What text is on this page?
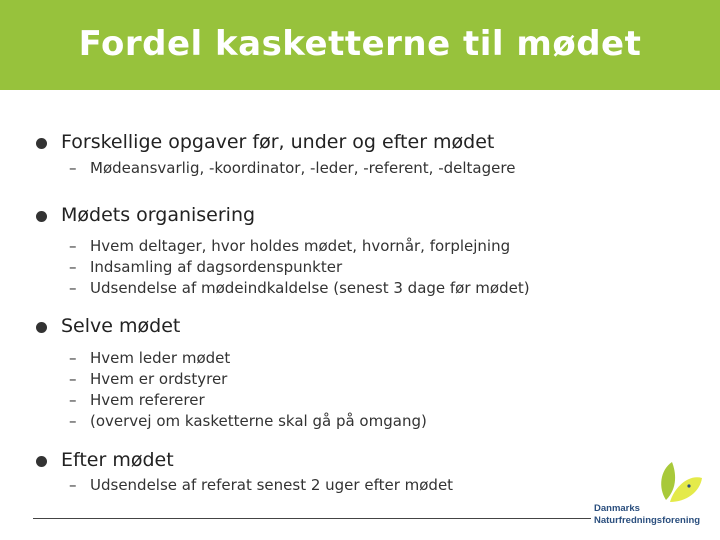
Fordel kasketterne til mødet
Forskellige opgaver før, under og efter mødet
– Mødeansvarlig, -koordinator, -leder, -referent, -deltagere
Mødets organisering
– Hvem deltager, hvor holdes mødet, hvornår, forplejning
– Indsamling af dagsordenspunkter
– Udsendelse af mødeindkaldelse (senest 3 dage før mødet)
Selve mødet
– Hvem leder mødet
– Hvem er ordstyrer
– Hvem refererer
– (overvej om kasketterne skal gå på omgang)
Efter mødet
– Udsendelse af referat senest 2 uger efter mødet
Danmarks
Naturfredningsforening
